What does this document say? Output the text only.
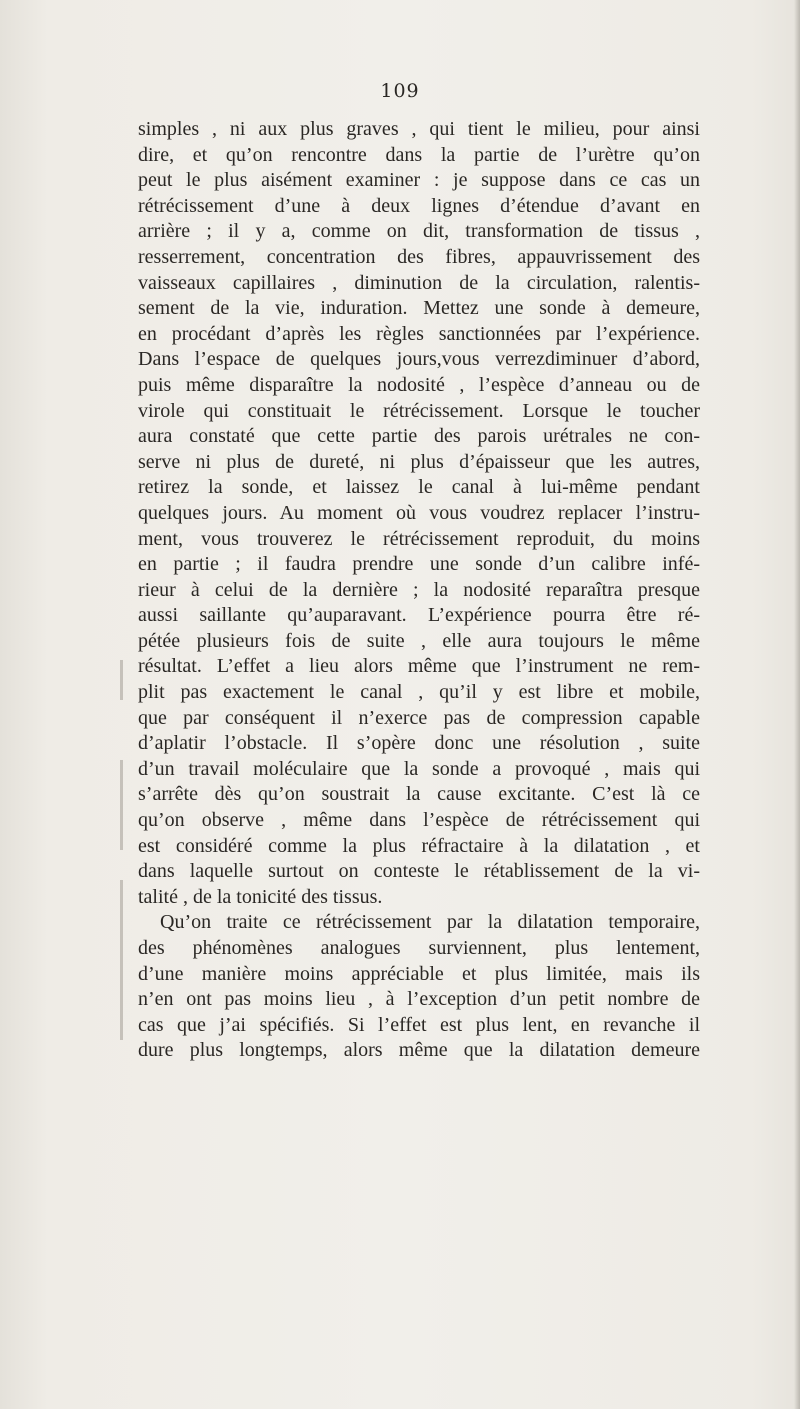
109

simples , ni aux plus graves , qui tient le milieu, pour ainsi
dire, et qu’on rencontre dans la partie de l’urètre qu’on
peut le plus aisément examiner : je suppose dans ce cas un
rétrécissement d’une à deux lignes d’étendue d’avant en
arrière ; il y a, comme on dit, transformation de tissus ,
resserrement, concentration des fibres, appauvrissement des
vaisseaux capillaires , diminution de la circulation, ralentis-
sement de la vie, induration. Mettez une sonde à demeure,
en procédant d’après les règles sanctionnées par l’expérience.
Dans l’espace de quelques jours,vous verrezdiminuer d’abord,
puis même disparaître la nodosité , l’espèce d’anneau ou de
virole qui constituait le rétrécissement. Lorsque le toucher
aura constaté que cette partie des parois urétrales ne con-
serve ni plus de dureté, ni plus d’épaisseur que les autres,
retirez la sonde, et laissez le canal à lui-même pendant
quelques jours. Au moment où vous voudrez replacer l’instru-
ment, vous trouverez le rétrécissement reproduit, du moins
en partie ; il faudra prendre une sonde d’un calibre infé-
rieur à celui de la dernière ; la nodosité reparaîtra presque
aussi saillante qu’auparavant. L’expérience pourra être ré-
pétée plusieurs fois de suite , elle aura toujours le même
résultat. L’effet a lieu alors même que l’instrument ne rem-
plit pas exactement le canal , qu’il y est libre et mobile,
que par conséquent il n’exerce pas de compression capable
d’aplatir l’obstacle. Il s’opère donc une résolution , suite
d’un travail moléculaire que la sonde a provoqué , mais qui
s’arrête dès qu’on soustrait la cause excitante. C’est là ce
qu’on observe , même dans l’espèce de rétrécissement qui
est considéré comme la plus réfractaire à la dilatation , et
dans laquelle surtout on conteste le rétablissement de la vi-
talité , de la tonicité des tissus.
Qu’on traite ce rétrécissement par la dilatation temporaire,
des phénomènes analogues surviennent, plus lentement,
d’une manière moins appréciable et plus limitée, mais ils
n’en ont pas moins lieu , à l’exception d’un petit nombre de
cas que j’ai spécifiés. Si l’effet est plus lent, en revanche il
dure plus longtemps, alors même que la dilatation demeure
